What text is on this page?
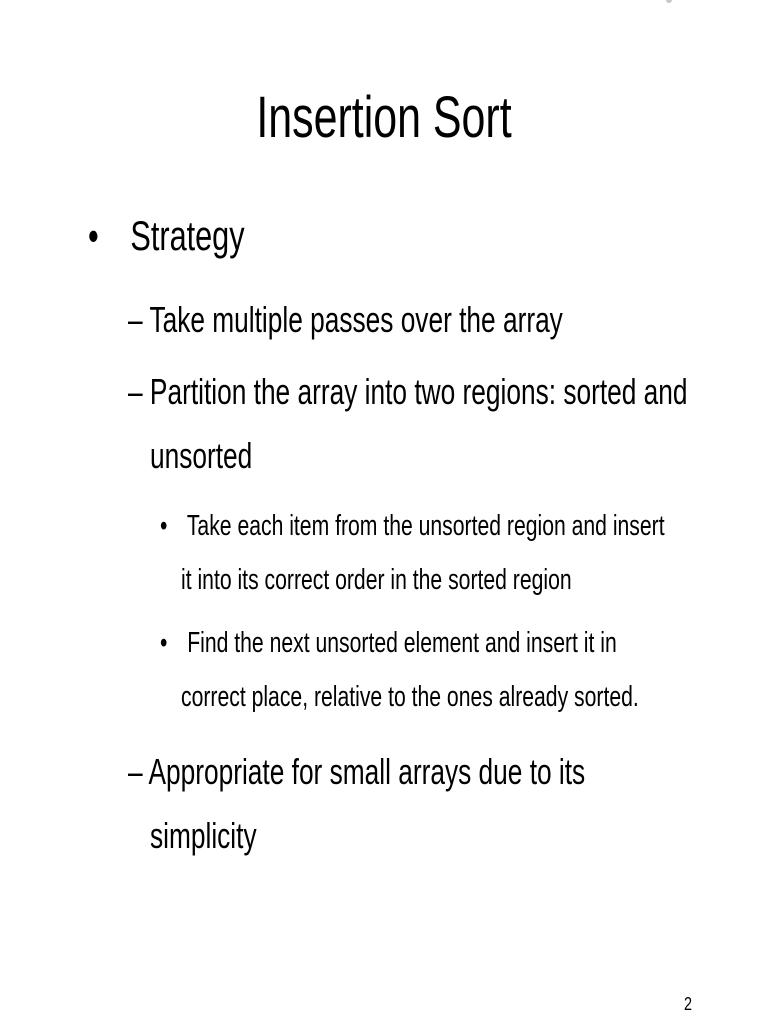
Insertion Sort
• Strategy
– Take multiple passes over the array
– Partition the array into two regions: sorted and
unsorted
• Take each item from the unsorted region and insert
it into its correct order in the sorted region
• Find the next unsorted element and insert it in
correct place, relative to the ones already sorted.
– Appropriate for small arrays due to its
simplicity
2
